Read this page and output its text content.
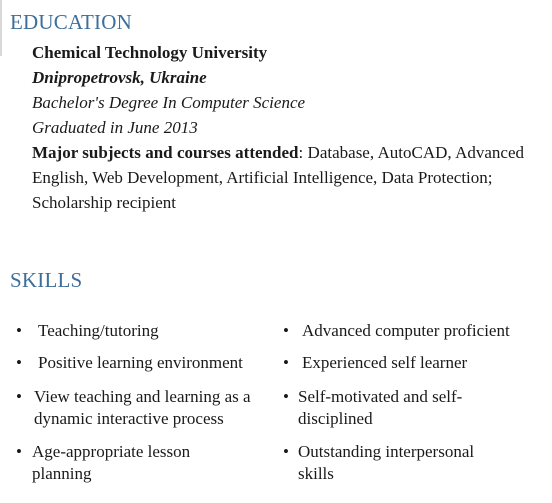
EDUCATION
Chemical Technology University
Dnipropetrovsk, Ukraine
Bachelor's Degree In Computer Science
Graduated in June 2013
Major subjects and courses attended: Database, AutoCAD, Advanced English, Web Development, Artificial Intelligence, Data Protection;
Scholarship recipient
SKILLS
• Teaching/tutoring
• Positive learning environment
• View teaching and learning as a dynamic interactive process
• Age-appropriate lesson planning
• Advanced computer proficient
• Experienced self learner
• Self-motivated and self-disciplined
• Outstanding interpersonal skills
